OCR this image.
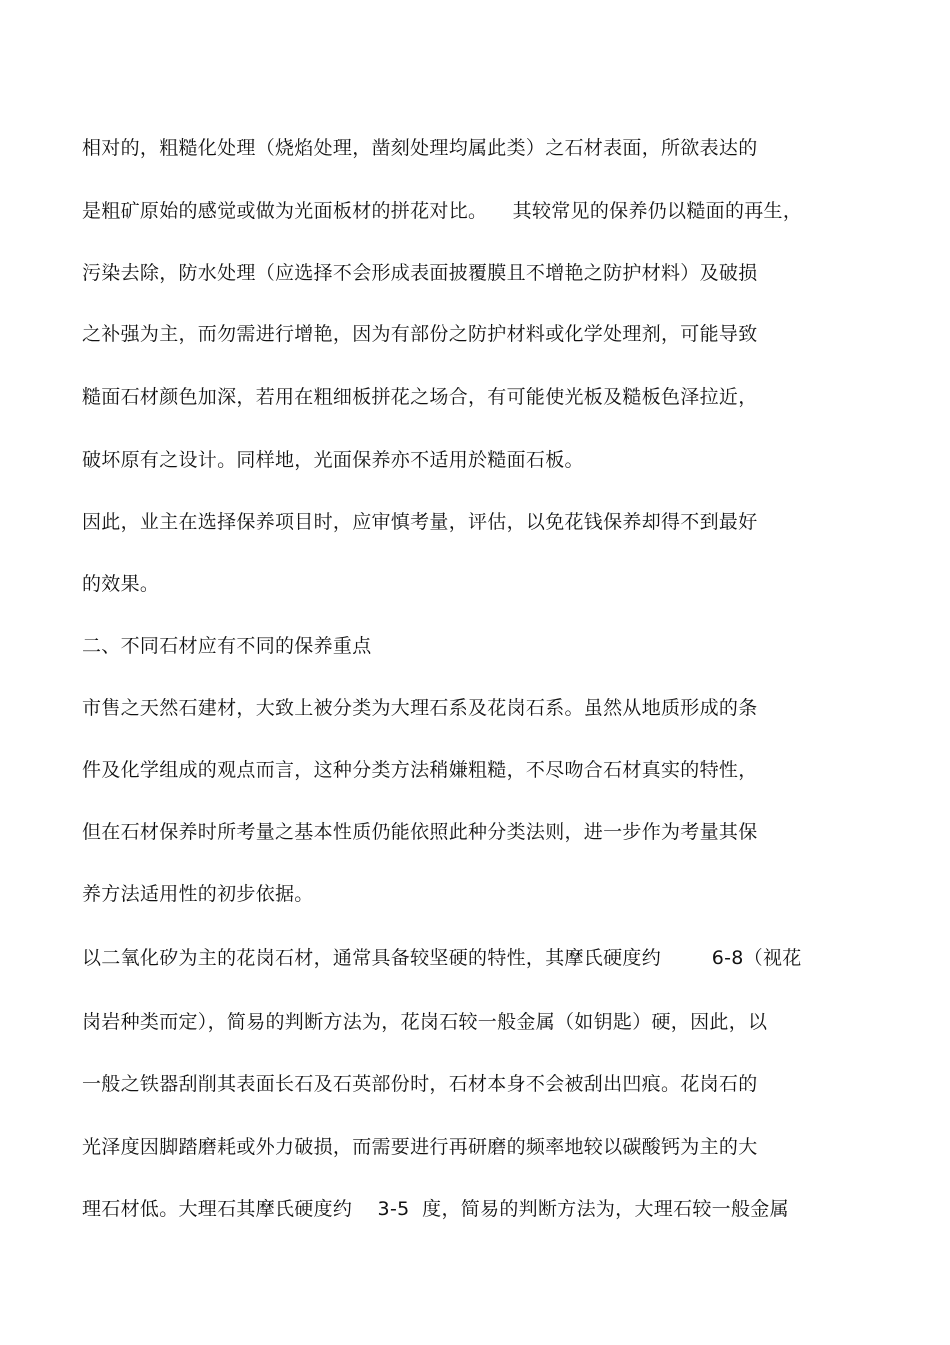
相对的，粗糙化处理（烧焰处理，凿刻处理均属此类）之石材表面，所欲表达的
是粗矿原始的感觉或做为光面板材的拼花对比。    其较常见的保养仍以糙面的再生，
污染去除，防水处理（应选择不会形成表面披覆膜且不增艳之防护材料）及破损
之补强为主，而勿需进行增艳，因为有部份之防护材料或化学处理剂，可能导致
糙面石材颜色加深，若用在粗细板拼花之场合，有可能使光板及糙板色泽拉近，
破坏原有之设计。同样地，光面保养亦不适用於糙面石板。
因此，业主在选择保养项目时，应审慎考量，评估，以免花钱保养却得不到最好
的效果。
二、不同石材应有不同的保养重点
市售之天然石建材，大致上被分类为大理石系及花岗石系。虽然从地质形成的条
件及化学组成的观点而言，这种分类方法稍嫌粗糙，不尽吻合石材真实的特性，
但在石材保养时所考量之基本性质仍能依照此种分类法则，进一步作为考量其保
养方法适用性的初步依据。
以二氧化矽为主的花岗石材，通常具备较坚硬的特性，其摩氏硬度约        6-8（视花
岗岩种类而定），简易的判断方法为，花岗石较一般金属（如钥匙）硬，因此，以
一般之铁器刮削其表面长石及石英部份时，石材本身不会被刮出凹痕。花岗石的
光泽度因脚踏磨耗或外力破损，而需要进行再研磨的频率地较以碳酸钙为主的大
理石材低。大理石其摩氏硬度约    3-5  度，简易的判断方法为，大理石较一般金属
